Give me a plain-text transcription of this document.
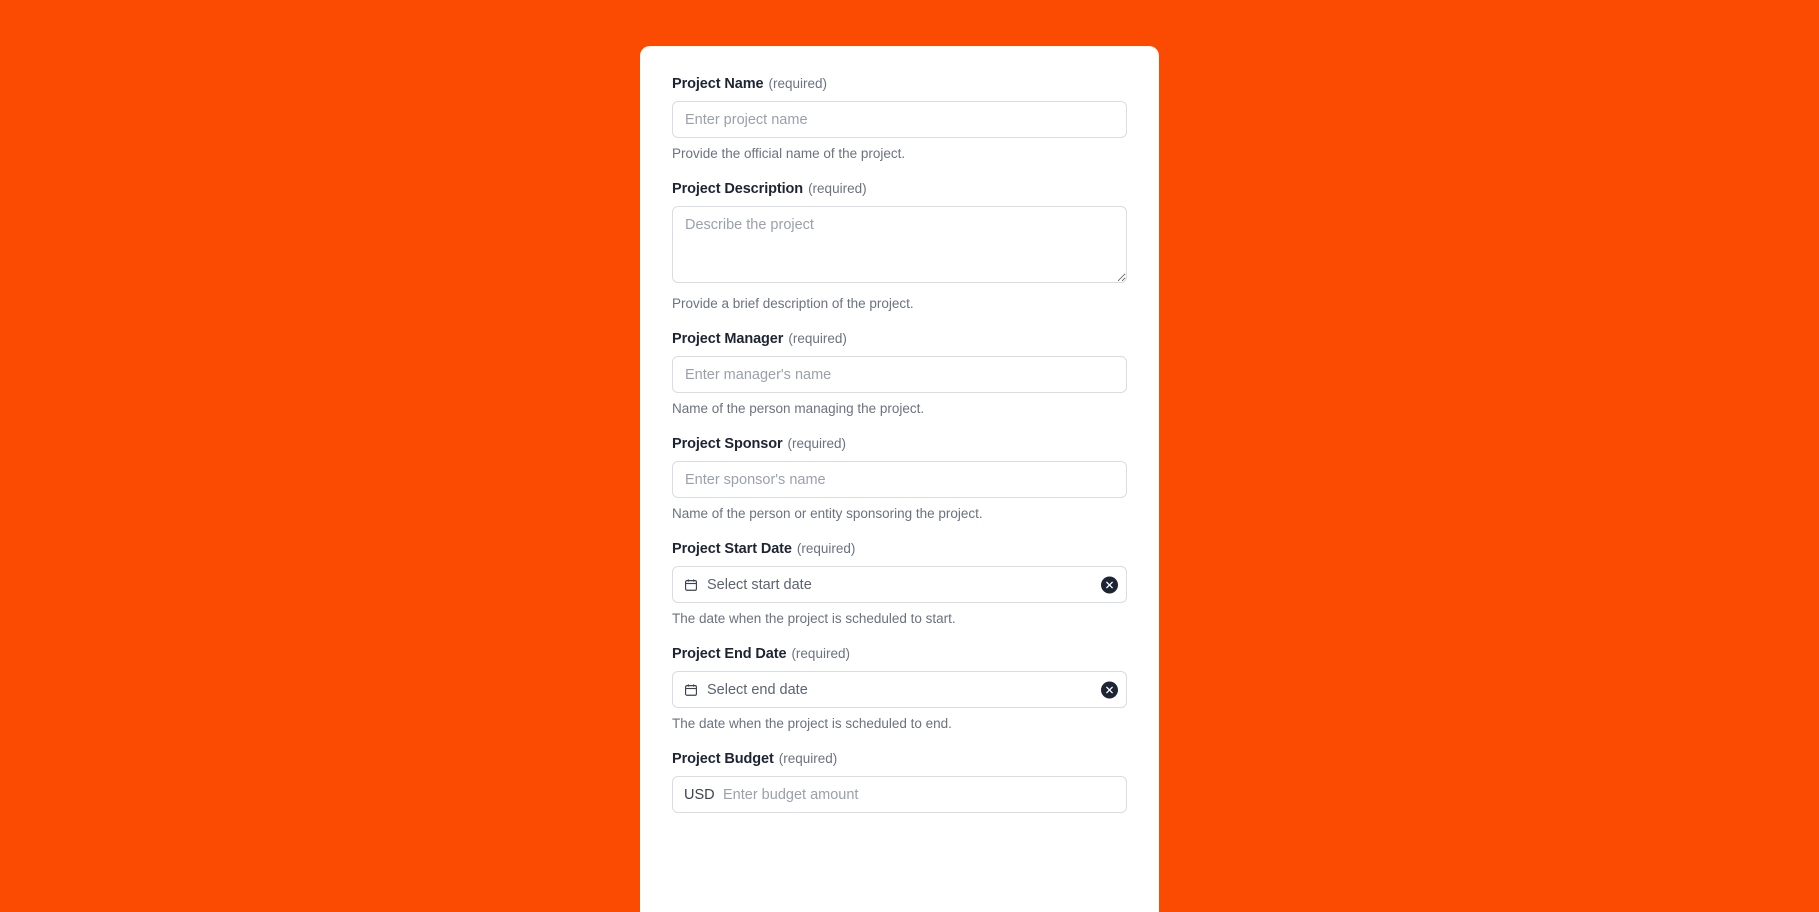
Project Name (required)
Enter project name
Provide the official name of the project.
Project Description (required)
Describe the project
Provide a brief description of the project.
Project Manager (required)
Enter manager's name
Name of the person managing the project.
Project Sponsor (required)
Enter sponsor's name
Name of the person or entity sponsoring the project.
Project Start Date (required)
Select start date
The date when the project is scheduled to start.
Project End Date (required)
Select end date
The date when the project is scheduled to end.
Project Budget (required)
USD
Enter budget amount
